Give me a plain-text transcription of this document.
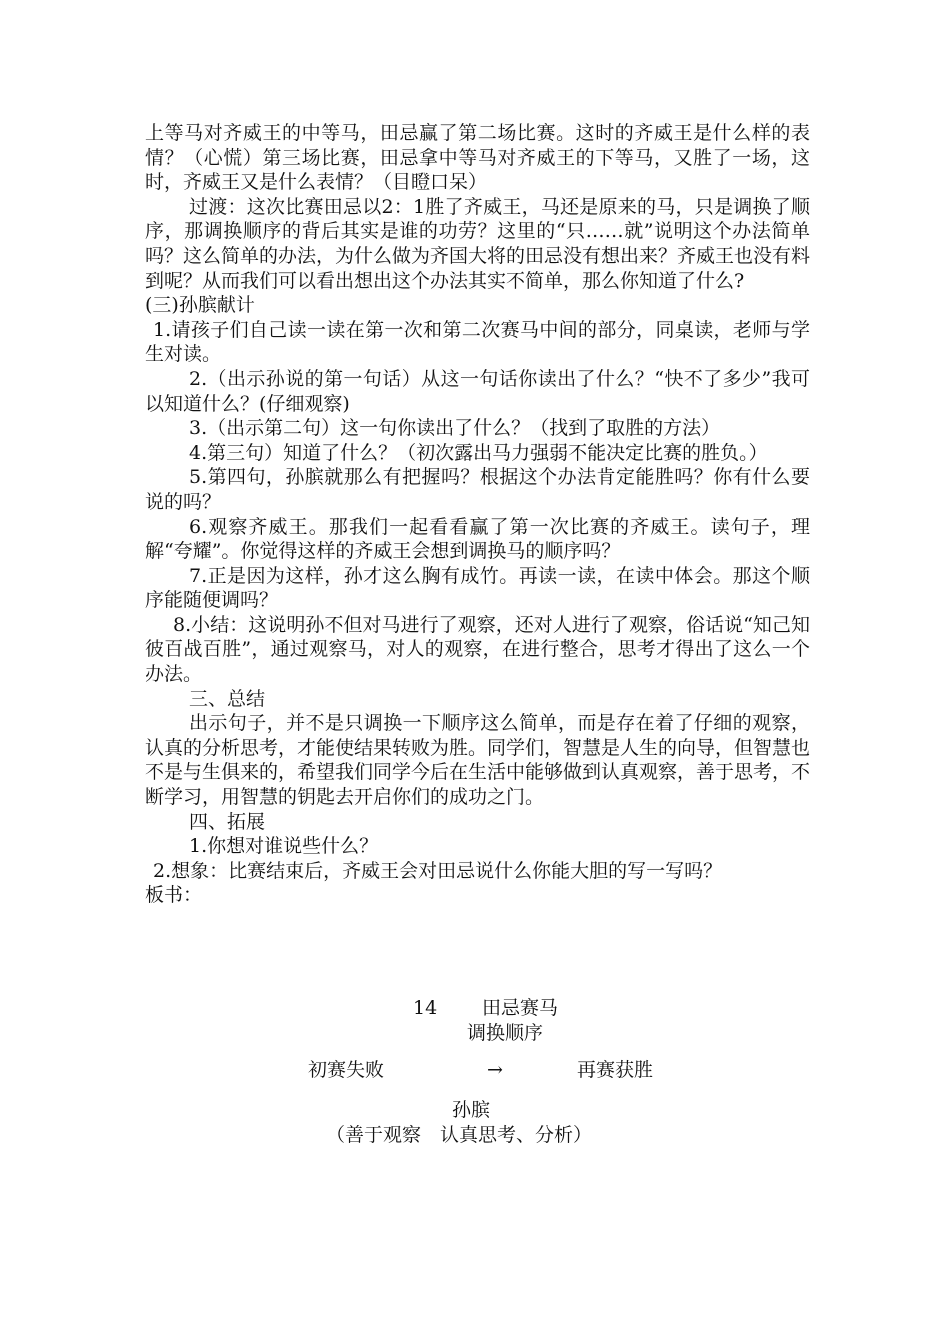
上等马对齐威王的中等马，田忌赢了第二场比赛。这时的齐威王是什么样的表情？（心慌）第三场比赛，田忌拿中等马对齐威王的下等马，又胜了一场，这时，齐威王又是什么表情？（目瞪口呆）

过渡：这次比赛田忌以2：1胜了齐威王，马还是原来的马，只是调换了顺序，那调换顺序的背后其实是谁的功劳？这里的“只……就”说明这个办法简单吗？这么简单的办法，为什么做为齐国大将的田忌没有想出来？齐威王也没有料到呢？从而我们可以看出想出这个办法其实不简单，那么你知道了什么?

(三)孙膑献计

1.请孩子们自己读一读在第一次和第二次赛马中间的部分，同桌读，老师与学生对读。

2.（出示孙说的第一句话）从这一句话你读出了什么？“快不了多少”我可以知道什么？(仔细观察)

3.（出示第二句）这一句你读出了什么？（找到了取胜的方法）

4.第三句）知道了什么？（初次露出马力强弱不能决定比赛的胜负。）

5.第四句，孙膑就那么有把握吗？根据这个办法肯定能胜吗？你有什么要说的吗？

6.观察齐威王。那我们一起看看赢了第一次比赛的齐威王。读句子，理解“夸耀”。你觉得这样的齐威王会想到调换马的顺序吗？

7.正是因为这样，孙才这么胸有成竹。再读一读，在读中体会。那这个顺序能随便调吗？

8.小结：这说明孙不但对马进行了观察，还对人进行了观察，俗话说“知己知彼百战百胜”，通过观察马，对人的观察，在进行整合，思考才得出了这么一个办法。

三、总结

出示句子，并不是只调换一下顺序这么简单，而是存在着了仔细的观察，认真的分析思考，才能使结果转败为胜。同学们，智慧是人生的向导，但智慧也不是与生俱来的，希望我们同学今后在生活中能够做到认真观察，善于思考，不断学习，用智慧的钥匙去开启你们的成功之门。

四、拓展

1.你想对谁说些什么？

2.想象：比赛结束后，齐威王会对田忌说什么你能大胆的写一写吗？

板书：

14 田忌赛马
调换顺序
初赛失败	→	再赛获胜
孙膑
（善于观察　认真思考、分析）
